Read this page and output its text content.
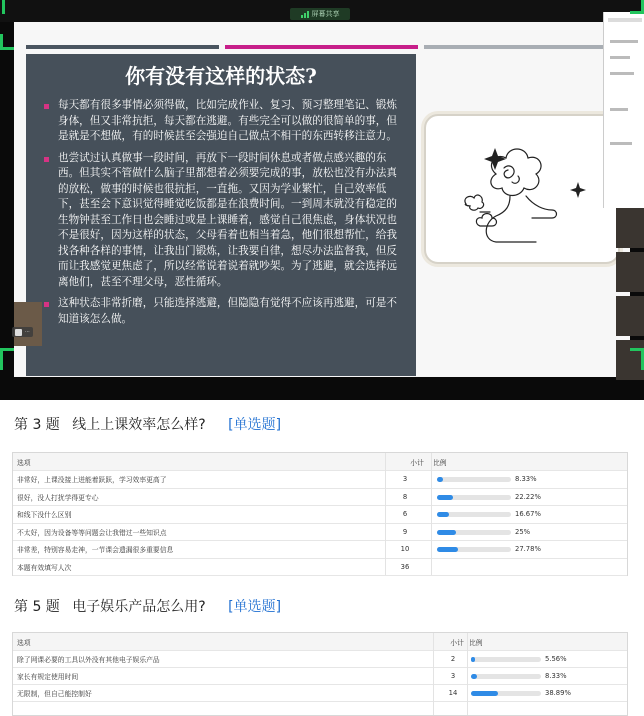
屏幕共享
你有没有这样的状态?
每天都有很多事情必须得做，比如完成作业、复习、预习整理笔记、锻炼身体，但又非常抗拒，每天都在逃避。有些完全可以做的很简单的事，但是就是不想做，有的时候甚至会强迫自己做点不相干的东西转移注意力。
也尝试过认真做事一段时间，再放下一段时间休息或者做点感兴趣的东西。但其实不管做什么脑子里都想着必须要完成的事，放松也没有办法真的放松，做事的时候也很抗拒，一直拖。又因为学业繁忙，自己效率低下，甚至会下意识觉得睡觉吃饭都是在浪费时间。一到周末就没有稳定的生物钟甚至工作日也会睡过或是上课睡着，感觉自己很焦虑，身体状况也不是很好，因为这样的状态，父母看着也相当着急，他们很想帮忙，给我找各种各样的事情，让我出门锻炼，让我要自律，想尽办法监督我，但反而让我感觉更焦虑了，所以经常说着说着就吵架。为了逃避，就会选择远离他们，甚至不理父母，恶性循环。
这种状态非常折磨，只能选择逃避，但隐隐有觉得不应该再逃避，可是不知道该怎么做。
···
第 3 题 线上上课效率怎么样? [单选题]
选项	小计	比例
非常好，上课没接上迸能着跃跃，学习效率更高了	3	8.33%
很好，没人打扰学得更专心	8	22.22%
和线下没什么区别	6	16.67%
不太好，因为设备等等问题会让我错过一些知识点	9	25%
非常差，特别容易走神，一节课会遗漏很多重要信息	10	27.78%
本题有效填写人次	36
第 5 题 电子娱乐产品怎么用? [单选题]
选项	小计 比例
除了网课必要的工具以外没有其他电子娱乐产品	2	5.56%
家长有规定使用时间	3	8.33%
无限制，但自己能控制好	14	38.89%
